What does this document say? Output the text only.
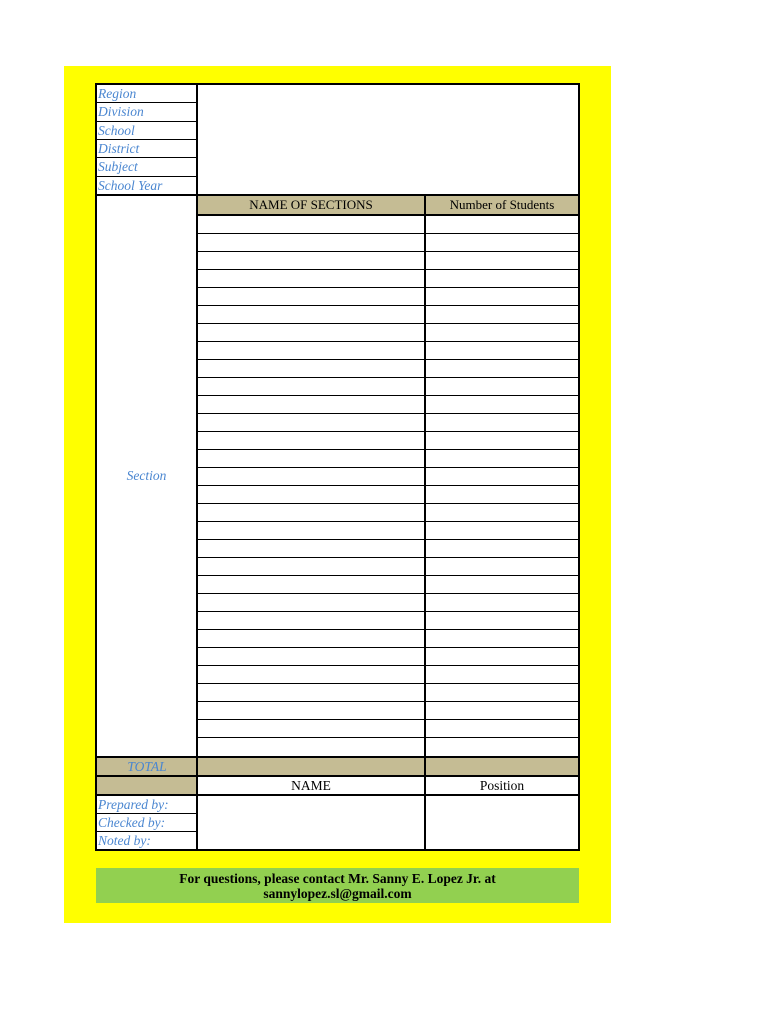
Region
Division
School
District
Subject
School Year
Section
NAME OF SECTIONS	Number of Students
TOTAL
NAME	Position
Prepared by:
Checked by:
Noted by:
For questions, please contact Mr. Sanny E. Lopez Jr. at
sannylopez.sl@gmail.com
